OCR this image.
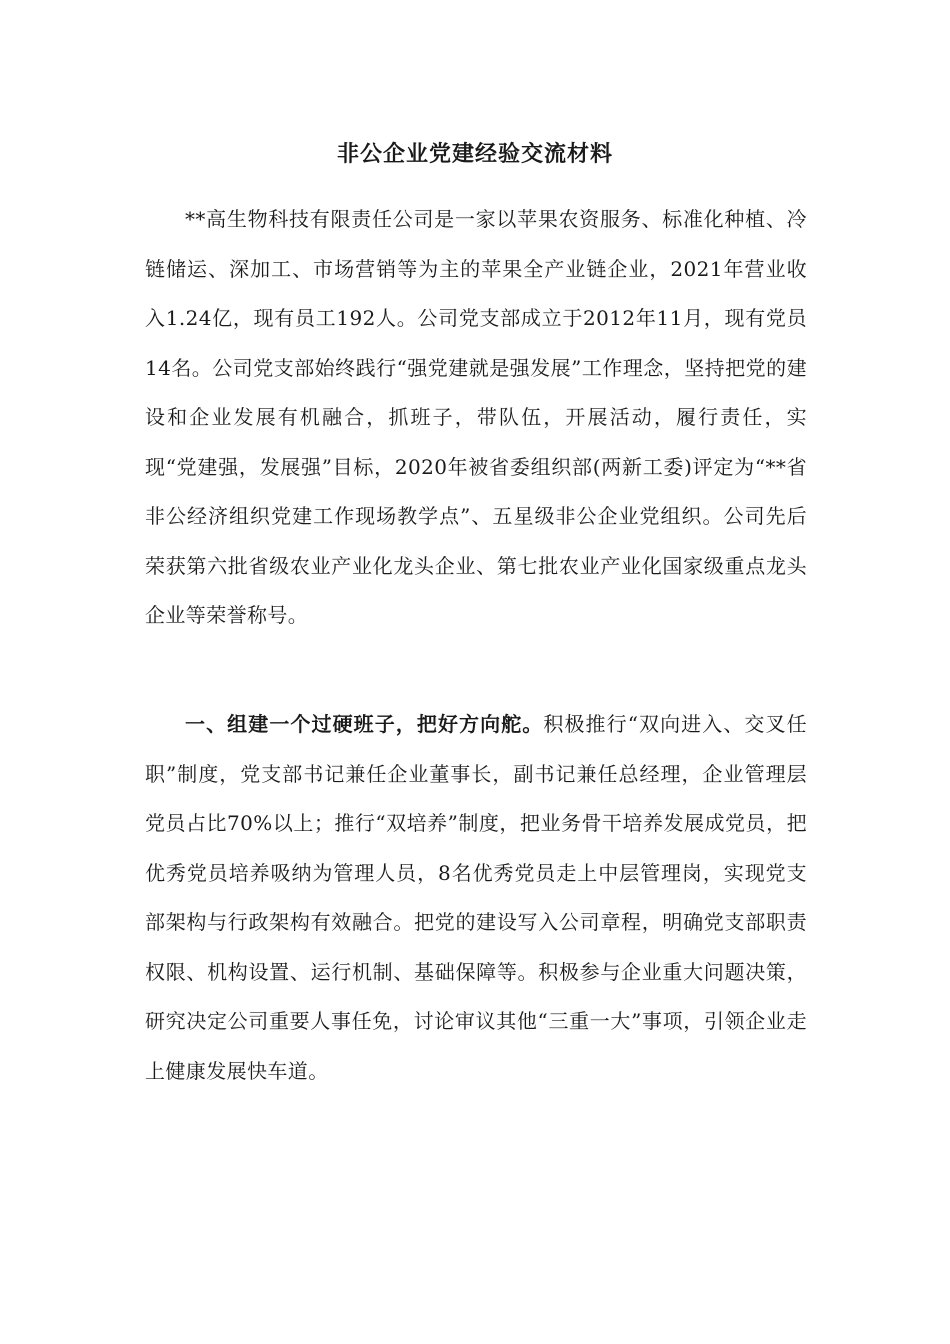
非公企业党建经验交流材料

**高生物科技有限责任公司是一家以苹果农资服务、标准化种植、冷链储运、深加工、市场营销等为主的苹果全产业链企业，2021年营业收入1.24亿，现有员工192人。公司党支部成立于2012年11月，现有党员14名。公司党支部始终践行“强党建就是强发展”工作理念，坚持把党的建设和企业发展有机融合，抓班子，带队伍，开展活动，履行责任，实现“党建强，发展强”目标，2020年被省委组织部(两新工委)评定为“**省非公经济组织党建工作现场教学点”、五星级非公企业党组织。公司先后荣获第六批省级农业产业化龙头企业、第七批农业产业化国家级重点龙头企业等荣誉称号。

一、组建一个过硬班子，把好方向舵。积极推行“双向进入、交叉任职”制度，党支部书记兼任企业董事长，副书记兼任总经理，企业管理层党员占比70%以上；推行“双培养”制度，把业务骨干培养发展成党员，把优秀党员培养吸纳为管理人员，8名优秀党员走上中层管理岗，实现党支部架构与行政架构有效融合。把党的建设写入公司章程，明确党支部职责权限、机构设置、运行机制、基础保障等。积极参与企业重大问题决策，研究决定公司重要人事任免，讨论审议其他“三重一大”事项，引领企业走上健康发展快车道。
